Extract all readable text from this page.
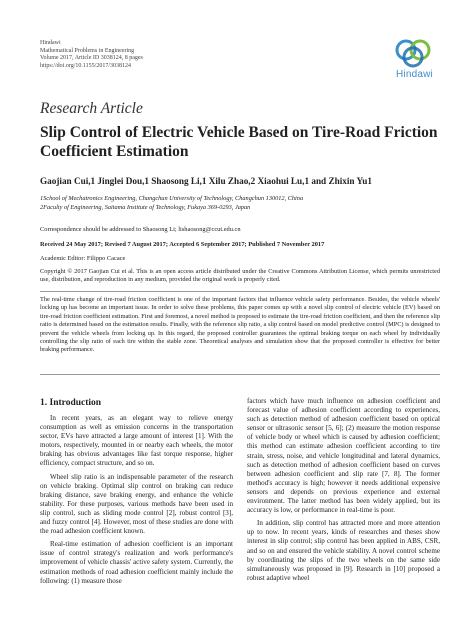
Hindawi
Mathematical Problems in Engineering
Volume 2017, Article ID 3038124, 8 pages
https://doi.org/10.1155/2017/3038124
Hindawi
Research Article
Slip Control of Electric Vehicle Based on Tire-Road Friction Coefficient Estimation
Gaojian Cui,1 Jinglei Dou,1 Shaosong Li,1 Xilu Zhao,2 Xiaohui Lu,1 and Zhixin Yu1
1School of Mechatronics Engineering, Changchun University of Technology, Changchun 130012, China
2Faculty of Engineering, Saitama Institute of Technology, Fukaya 369-0293, Japan
Correspondence should be addressed to Shaosong Li; lishaosong@ccut.edu.cn
Received 24 May 2017; Revised 7 August 2017; Accepted 6 September 2017; Published 7 November 2017
Academic Editor: Filippo Cacace
Copyright © 2017 Gaojian Cui et al. This is an open access article distributed under the Creative Commons Attribution License, which permits unrestricted use, distribution, and reproduction in any medium, provided the original work is properly cited.
The real-time change of tire-road friction coefficient is one of the important factors that influence vehicle safety performance. Besides, the vehicle wheels' locking up has become an important issue. In order to solve these problems, this paper comes up with a novel slip control of electric vehicle (EV) based on tire-road friction coefficient estimation. First and foremost, a novel method is proposed to estimate the tire-road friction coefficient, and then the reference slip ratio is determined based on the estimation results. Finally, with the reference slip ratio, a slip control based on model predictive control (MPC) is designed to prevent the vehicle wheels from locking up. In this regard, the proposed controller guarantees the optimal braking torque on each wheel by individually controlling the slip ratio of each tire within the stable zone. Theoretical analyses and simulation show that the proposed controller is effective for better braking performance.
1. Introduction

In recent years, as an elegant way to relieve energy consumption as well as emission concerns in the transportation sector, EVs have attracted a large amount of interest [1]. With the motors, respectively, mounted in or nearby each wheels, the motor braking has obvious advantages like fast torque response, higher efficiency, compact structure, and so on.

Wheel slip ratio is an indispensable parameter of the research on vehicle braking. Optimal slip control on braking can reduce braking distance, save braking energy, and enhance the vehicle stability. For these purposes, various methods have been used in slip control, such as sliding mode control [2], robust control [3], and fuzzy control [4]. However, most of these studies are done with the road adhesion coefficient known.

Real-time estimation of adhesion coefficient is an important issue of control strategy's realization and work performance's improvement of vehicle chassis' active safety system. Currently, the estimation methods of road adhesion coefficient mainly include the following: (1) measure those

factors which have much influence on adhesion coefficient and forecast value of adhesion coefficient according to experiences, such as detection method of adhesion coefficient based on optical sensor or ultrasonic sensor [5, 6]; (2) measure the motion response of vehicle body or wheel which is caused by adhesion coefficient; this method can estimate adhesion coefficient according to tire strain, stress, noise, and vehicle longitudinal and lateral dynamics, such as detection method of adhesion coefficient based on curves between adhesion coefficient and slip rate [7, 8]. The former method's accuracy is high; however it needs additional expensive sensors and depends on previous experience and external environment. The latter method has been widely applied, but its accuracy is low, or performance in real-time is poor.

In addition, slip control has attracted more and more attention up to now. In recent years, kinds of researches and theses show interest in slip control; slip control has been applied in ABS, CSR, and so on and ensured the vehicle stability. A novel control scheme by coordinating the slips of the two wheels on the same side simultaneously was proposed in [9]. Research in [10] proposed a robust adaptive wheel
